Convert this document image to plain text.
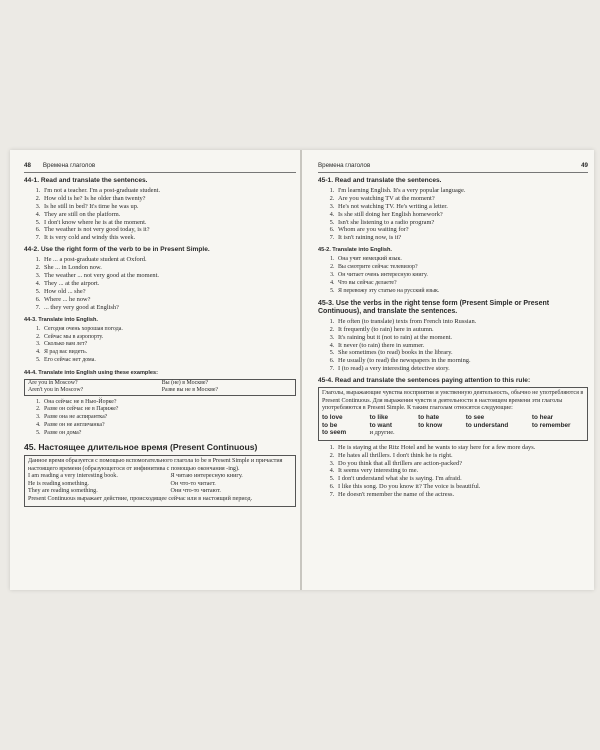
48 Времена глаголов
44-1. Read and translate the sentences.
1. I'm not a teacher. I'm a post-graduate student.
2. How old is he? Is he older than twenty?
3. Is he still in bed? It's time he was up.
4. They are still on the platform.
5. I don't know where he is at the moment.
6. The weather is not very good today, is it?
7. It is very cold and windy this week.
44-2. Use the right form of the verb to be in Present Simple.
1. He ... a post-graduate student at Oxford.
2. She ... in London now.
3. The weather ... not very good at the moment.
4. They ... at the airport.
5. How old ... she?
6. Where ... he now?
7. ... they very good at English?
44-3. Translate into English.
1. Сегодня очень хорошая погода.
2. Сейчас мы в аэропорту.
3. Сколько вам лет?
4. Я рад вас видеть.
5. Его сейчас нет дома.
44-4. Translate into English using these examples:
Are you in Moscow?	Вы (не) в Москве?
Aren't you in Moscow?	Разве вы не в Москве?
1. Она сейчас не в Нью-Йорке?
2. Разве он сейчас не в Париже?
3. Разве она не аспирантка?
4. Разве он не англичанка?
5. Разве он дома?
45. Настоящее длительное время (Present Continuous)
Данное время образуется с помощью вспомогательного глагола to be в Present Simple и причастия настоящего времени (образующегося от инфинитива с помощью окончания -ing).
I am reading a very interesting book.	Я читаю интересную книгу.
He is reading something.	Он что-то читает.
They are reading something.	Они что-то читают.
Present Continuous выражает действие, происходящее сейчас или в настоящий период.
Времена глаголов	49
45-1. Read and translate the sentences.
1. I'm learning English. It's a very popular language.
2. Are you watching TV at the moment?
3. He's not watching TV. He's writing a letter.
4. Is she still doing her English homework?
5. Isn't she listening to a radio program?
6. Whom are you waiting for?
7. It isn't raining now, is it?
45-2. Translate into English.
1. Она учит немецкий язык.
2. Вы смотрите сейчас телевизор?
3. Он читает очень интересную книгу.
4. Что вы сейчас делаете?
5. Я перевожу эту статью на русский язык.
45-3. Use the verbs in the right tense form (Present Simple or Present Continuous), and translate the sentences.
1. He often (to translate) texts from French into Russian.
2. It frequently (to rain) here in autumn.
3. It's raining but it (not to rain) at the moment.
4. It never (to rain) there in summer.
5. She sometimes (to read) books in the library.
6. He usually (to read) the newspapers in the morning.
7. I (to read) a very interesting detective story.
45-4. Read and translate the sentences paying attention to this rule:
Глаголы, выражающие чувства восприятия и умственную деятельность, обычно не употребляются в Present Continuous. Для выражения чувств и деятельности в настоящем времени эти глаголы употребляются в Present Simple. К таким глаголам относятся следующие:
to love	to like	to hate	to see	to hear
to be	to want	to know	to understand	to remember
to seem	и другие.
1. He is staying at the Ritz Hotel and he wants to stay here for a few more days.
2. He hates all thrillers. I don't think he is right.
3. Do you think that all thrillers are action-packed?
4. It seems very interesting to me.
5. I don't understand what she is saying. I'm afraid.
6. I like this song. Do you know it? The voice is beautiful.
7. He doesn't remember the name of the actress.
